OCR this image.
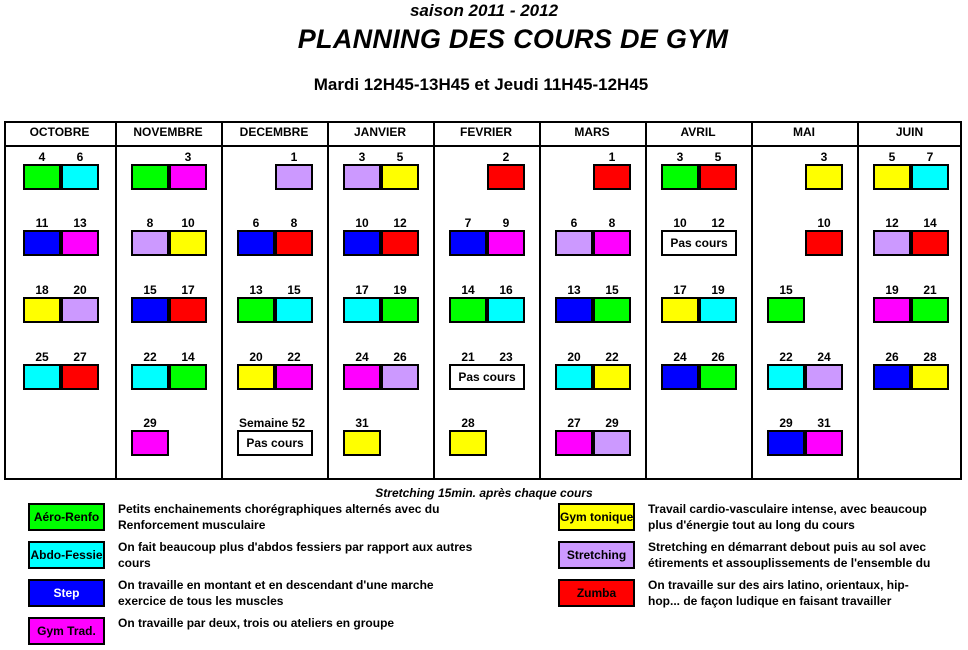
saison 2011 - 2012
PLANNING DES COURS DE GYM
Mardi 12H45-13H45 et Jeudi 11H45-12H45
OCTOBRE
4	6
11	13
18	20
25	27
NOVEMBRE
3
8	10
15	17
22	14
29
DECEMBRE
1
6	8
13	15
20	22
Semaine 52
Pas cours
JANVIER
3	5
10	12
17	19
24	26
31
FEVRIER
2
7	9
14	16
21	23
Pas cours
28
MARS
1
6	8
13	15
20	22
27	29
AVRIL
3	5
10	12
Pas cours
17	19
24	26
MAI
3
10
15
22	24
29	31
JUIN
5	7
12	14
19	21
26	28
Stretching 15min. après chaque cours
Aéro-Renfo
Petits enchainements chorégraphiques alternés avec du
Renforcement musculaire
Abdo-Fessie
On fait beaucoup plus d'abdos fessiers par rapport aux autres
cours
Step
On travaille en montant et en descendant d'une marche
exercice de tous les muscles
Gym Trad.
On travaille par deux, trois ou ateliers en groupe
Gym tonique
Travail cardio-vasculaire intense, avec beaucoup
plus d'énergie tout au long du cours
Stretching
Stretching en démarrant debout puis au sol avec
étirements et assouplissements de l'ensemble du
Zumba
On travaille sur des airs latino, orientaux, hip-
hop... de façon ludique en faisant travailler
